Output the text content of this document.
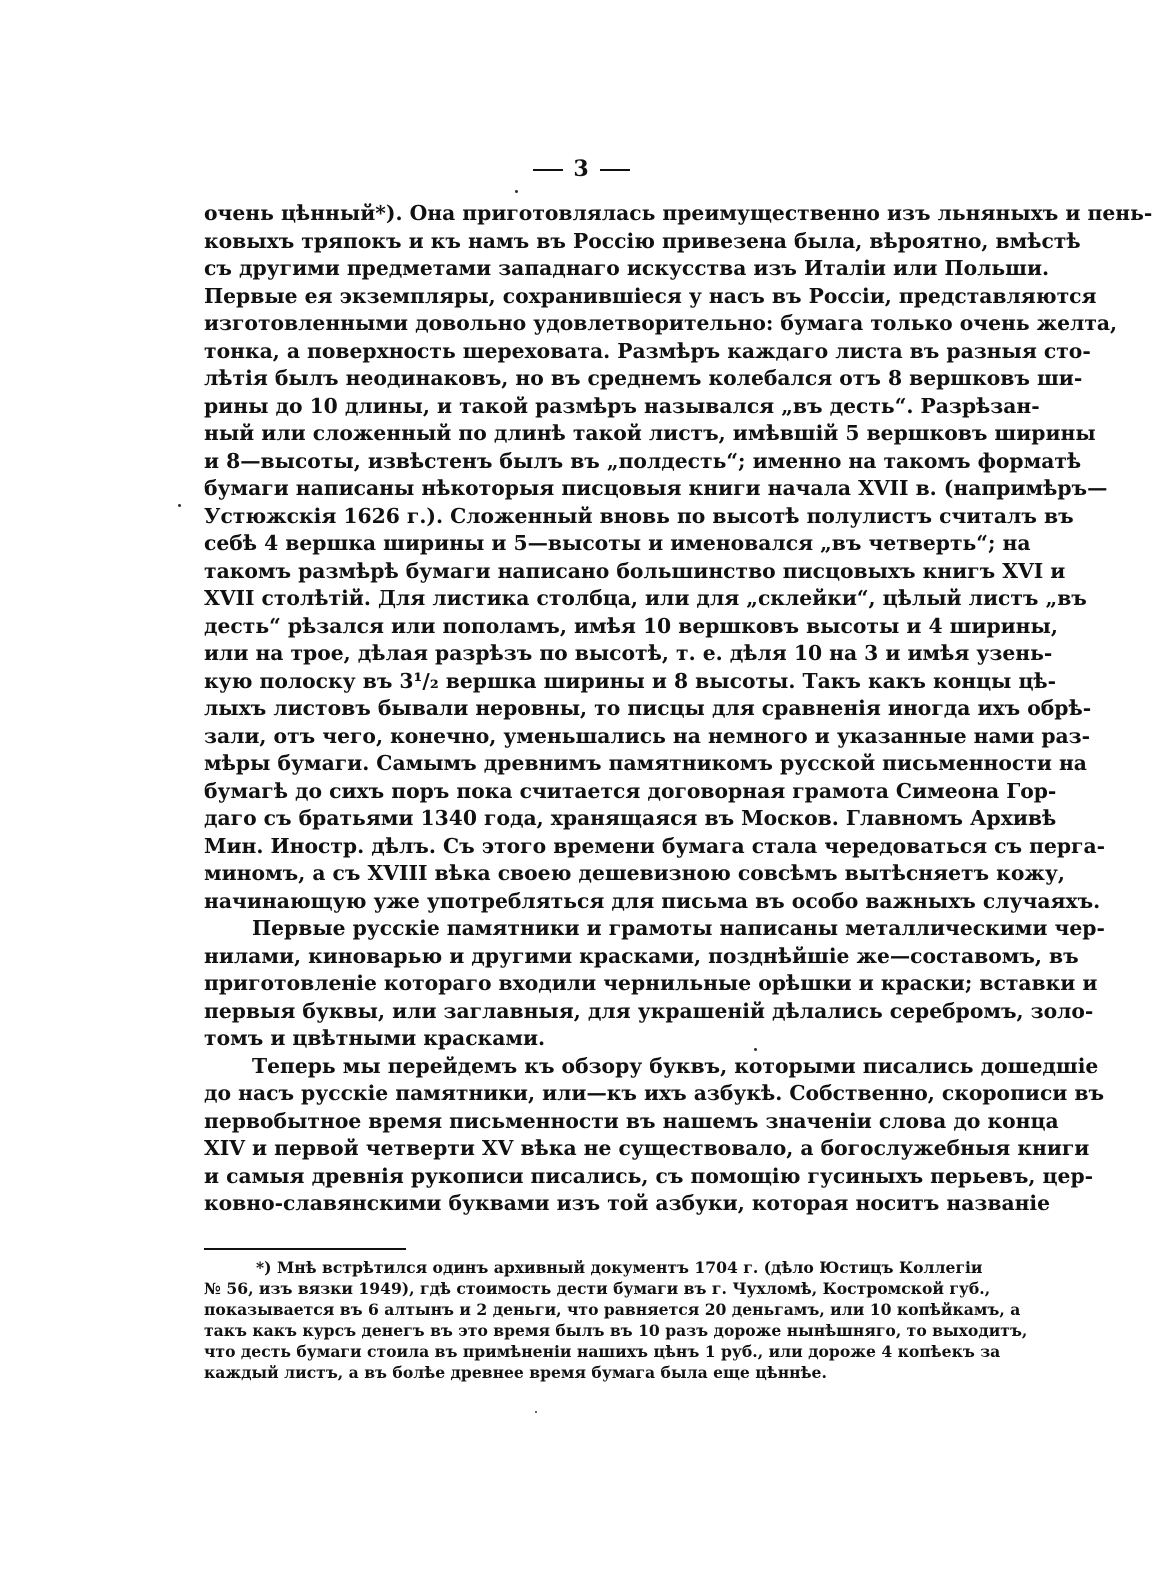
3
очень цѣнный*). Она приготовлялась преимущественно изъ льняныхъ и пень-
ковыхъ тряпокъ и къ намъ въ Россію привезена была, вѣроятно, вмѣстѣ
съ другими предметами западнаго искусства изъ Италіи или Польши.
Первые ея экземпляры, сохранившіеся у насъ въ Россіи, представляются
изготовленными довольно удовлетворительно: бумага только очень желта,
тонка, а поверхность шереховата. Размѣръ каждаго листа въ разныя сто-
лѣтія былъ неодинаковъ, но въ среднемъ колебался отъ 8 вершковъ ши-
рины до 10 длины, и такой размѣръ назывался „въ десть“. Разрѣзан-
ный или сложенный по длинѣ такой листъ, имѣвшій 5 вершковъ ширины
и 8—высоты, извѣстенъ былъ въ „полдесть“; именно на такомъ форматѣ
бумаги написаны нѣкоторыя писцовыя книги начала XVII в. (напримѣръ—
Устюжскія 1626 г.). Сложенный вновь по высотѣ полулистъ считалъ въ
себѣ 4 вершка ширины и 5—высоты и именовался „въ четверть“; на
такомъ размѣрѣ бумаги написано большинство писцовыхъ книгъ XVI и
XVII столѣтій. Для листика столбца, или для „склейки“, цѣлый листъ „въ
десть“ рѣзался или пополамъ, имѣя 10 вершковъ высоты и 4 ширины,
или на трое, дѣлая разрѣзъ по высотѣ, т. е. дѣля 10 на 3 и имѣя узень-
кую полоску въ 3¹/₂ вершка ширины и 8 высоты. Такъ какъ концы цѣ-
лыхъ листовъ бывали неровны, то писцы для сравненія иногда ихъ обрѣ-
зали, отъ чего, конечно, уменьшались на немного и указанные нами раз-
мѣры бумаги. Самымъ древнимъ памятникомъ русской письменности на
бумагѣ до сихъ поръ пока считается договорная грамота Симеона Гор-
даго съ братьями 1340 года, хранящаяся въ Москов. Главномъ Архивѣ
Мин. Иностр. дѣлъ. Съ этого времени бумага стала чередоваться съ перга-
миномъ, а съ XVIII вѣка своею дешевизною совсѣмъ вытѣсняетъ кожу,
начинающую уже употребляться для письма въ особо важныхъ случаяхъ.
Первые русскіе памятники и грамоты написаны металлическими чер-
нилами, киноварью и другими красками, позднѣйшіе же—составомъ, въ
приготовленіе котораго входили чернильные орѣшки и краски; вставки и
первыя буквы, или заглавныя, для украшеній дѣлались серебромъ, золо-
томъ и цвѣтными красками.
Теперь мы перейдемъ къ обзору буквъ, которыми писались дошедшіе
до насъ русскіе памятники, или—къ ихъ азбукѣ. Собственно, скорописи въ
первобытное время письменности въ нашемъ значеніи слова до конца
XIV и первой четверти XV вѣка не существовало, а богослужебныя книги
и самыя древнія рукописи писались, съ помощію гусиныхъ перьевъ, цер-
ковно-славянскими буквами изъ той азбуки, которая носитъ названіе
*) Мнѣ встрѣтился одинъ архивный документъ 1704 г. (дѣло Юстицъ Коллегіи
№ 56, изъ вязки 1949), гдѣ стоимость дести бумаги въ г. Чухломѣ, Костромской губ.,
показывается въ 6 алтынъ и 2 деньги, что равняется 20 деньгамъ, или 10 копѣйкамъ, а
такъ какъ курсъ денегъ въ это время былъ въ 10 разъ дороже нынѣшняго, то выходитъ,
что десть бумаги стоила въ примѣненіи нашихъ цѣнъ 1 руб., или дороже 4 копѣекъ за
каждый листъ, а въ болѣе древнее время бумага была еще цѣннѣе.
